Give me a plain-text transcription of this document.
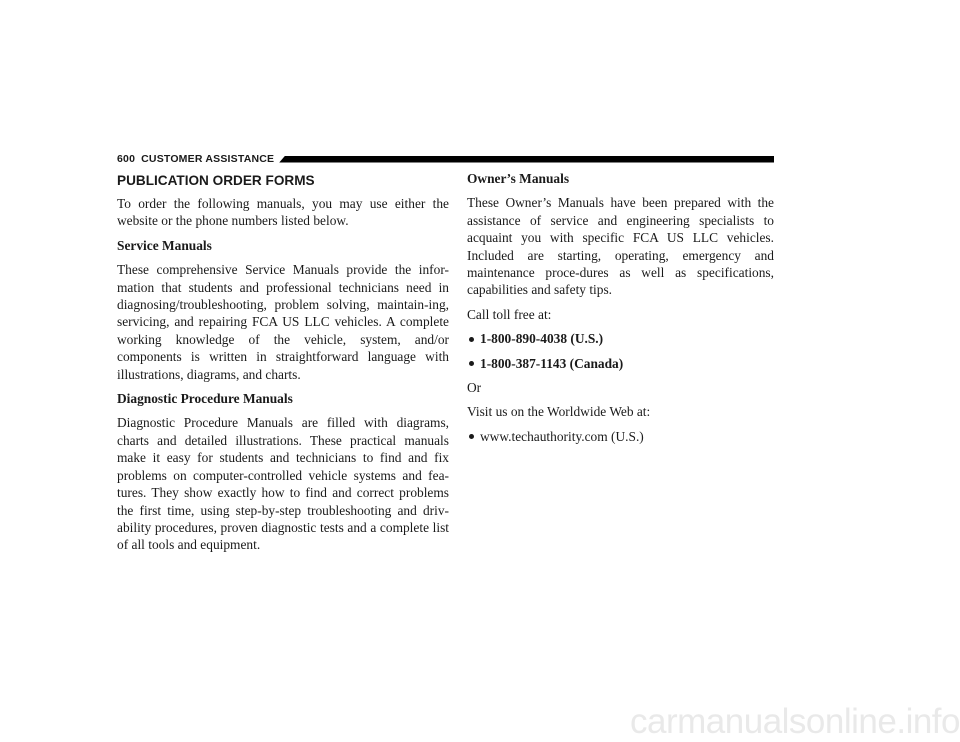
600 CUSTOMER ASSISTANCE
PUBLICATION ORDER FORMS

To order the following manuals, you may use either the website or the phone numbers listed below.

Service Manuals

These comprehensive Service Manuals provide the infor-mation that students and professional technicians need in diagnosing/troubleshooting, problem solving, maintain-ing, servicing, and repairing FCA US LLC vehicles. A complete working knowledge of the vehicle, system, and/or components is written in straightforward language with illustrations, diagrams, and charts.

Diagnostic Procedure Manuals

Diagnostic Procedure Manuals are filled with diagrams, charts and detailed illustrations. These practical manuals make it easy for students and technicians to find and fix problems on computer-controlled vehicle systems and fea-tures. They show exactly how to find and correct problems the first time, using step-by-step troubleshooting and driv-ability procedures, proven diagnostic tests and a complete list of all tools and equipment.

Owner’s Manuals

These Owner’s Manuals have been prepared with the assistance of service and engineering specialists to acquaint you with specific FCA US LLC vehicles. Included are starting, operating, emergency and maintenance proce-dures as well as specifications, capabilities and safety tips.

Call toll free at:

1-800-890-4038 (U.S.)
1-800-387-1143 (Canada)

Or

Visit us on the Worldwide Web at:

www.techauthority.com (U.S.)
carmanualsonline.info
